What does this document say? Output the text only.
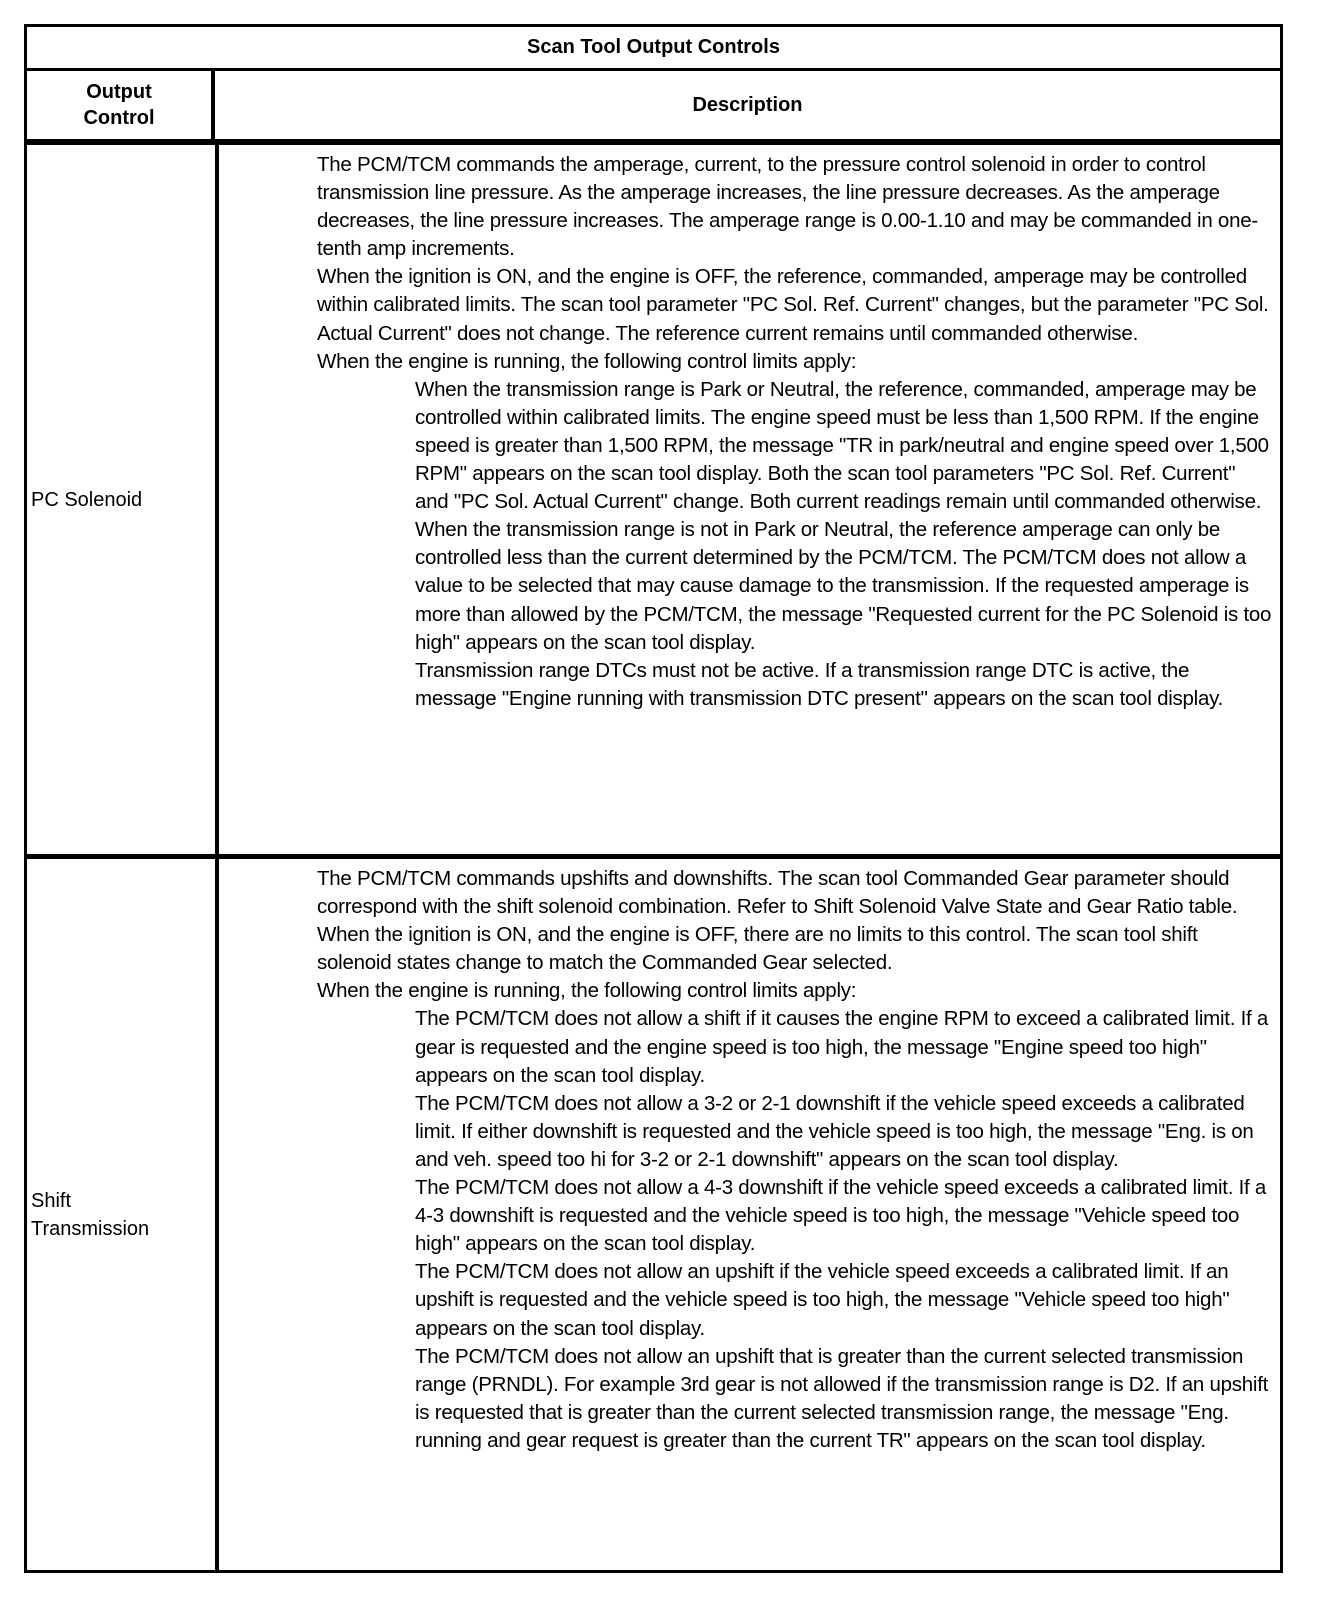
Scan Tool Output Controls
Output
Control
Description
PC Solenoid

The PCM/TCM commands the amperage, current, to the pressure control solenoid in order to control transmission line pressure. As the amperage increases, the line pressure decreases. As the amperage decreases, the line pressure increases. The amperage range is 0.00-1.10 and may be commanded in one-tenth amp increments.

When the ignition is ON, and the engine is OFF, the reference, commanded, amperage may be controlled within calibrated limits. The scan tool parameter "PC Sol. Ref. Current" changes, but the parameter "PC Sol. Actual Current" does not change. The reference current remains until commanded otherwise.

When the engine is running, the following control limits apply:

When the transmission range is Park or Neutral, the reference, commanded, amperage may be controlled within calibrated limits. The engine speed must be less than 1,500 RPM. If the engine speed is greater than 1,500 RPM, the message "TR in park/neutral and engine speed over 1,500 RPM" appears on the scan tool display. Both the scan tool parameters "PC Sol. Ref. Current" and "PC Sol. Actual Current" change. Both current readings remain until commanded otherwise.

When the transmission range is not in Park or Neutral, the reference amperage can only be controlled less than the current determined by the PCM/TCM. The PCM/TCM does not allow a value to be selected that may cause damage to the transmission. If the requested amperage is more than allowed by the PCM/TCM, the message "Requested current for the PC Solenoid is too high" appears on the scan tool display.

Transmission range DTCs must not be active. If a transmission range DTC is active, the message "Engine running with transmission DTC present" appears on the scan tool display.

Shift
Transmission

The PCM/TCM commands upshifts and downshifts. The scan tool Commanded Gear parameter should correspond with the shift solenoid combination. Refer to Shift Solenoid Valve State and Gear Ratio table.

When the ignition is ON, and the engine is OFF, there are no limits to this control. The scan tool shift solenoid states change to match the Commanded Gear selected.

When the engine is running, the following control limits apply:

The PCM/TCM does not allow a shift if it causes the engine RPM to exceed a calibrated limit. If a gear is requested and the engine speed is too high, the message "Engine speed too high" appears on the scan tool display.

The PCM/TCM does not allow a 3-2 or 2-1 downshift if the vehicle speed exceeds a calibrated limit. If either downshift is requested and the vehicle speed is too high, the message "Eng. is on and veh. speed too hi for 3-2 or 2-1 downshift" appears on the scan tool display.

The PCM/TCM does not allow a 4-3 downshift if the vehicle speed exceeds a calibrated limit. If a 4-3 downshift is requested and the vehicle speed is too high, the message "Vehicle speed too high" appears on the scan tool display.

The PCM/TCM does not allow an upshift if the vehicle speed exceeds a calibrated limit. If an upshift is requested and the vehicle speed is too high, the message "Vehicle speed too high" appears on the scan tool display.

The PCM/TCM does not allow an upshift that is greater than the current selected transmission range (PRNDL). For example 3rd gear is not allowed if the transmission range is D2. If an upshift is requested that is greater than the current selected transmission range, the message "Eng. running and gear request is greater than the current TR" appears on the scan tool display.
